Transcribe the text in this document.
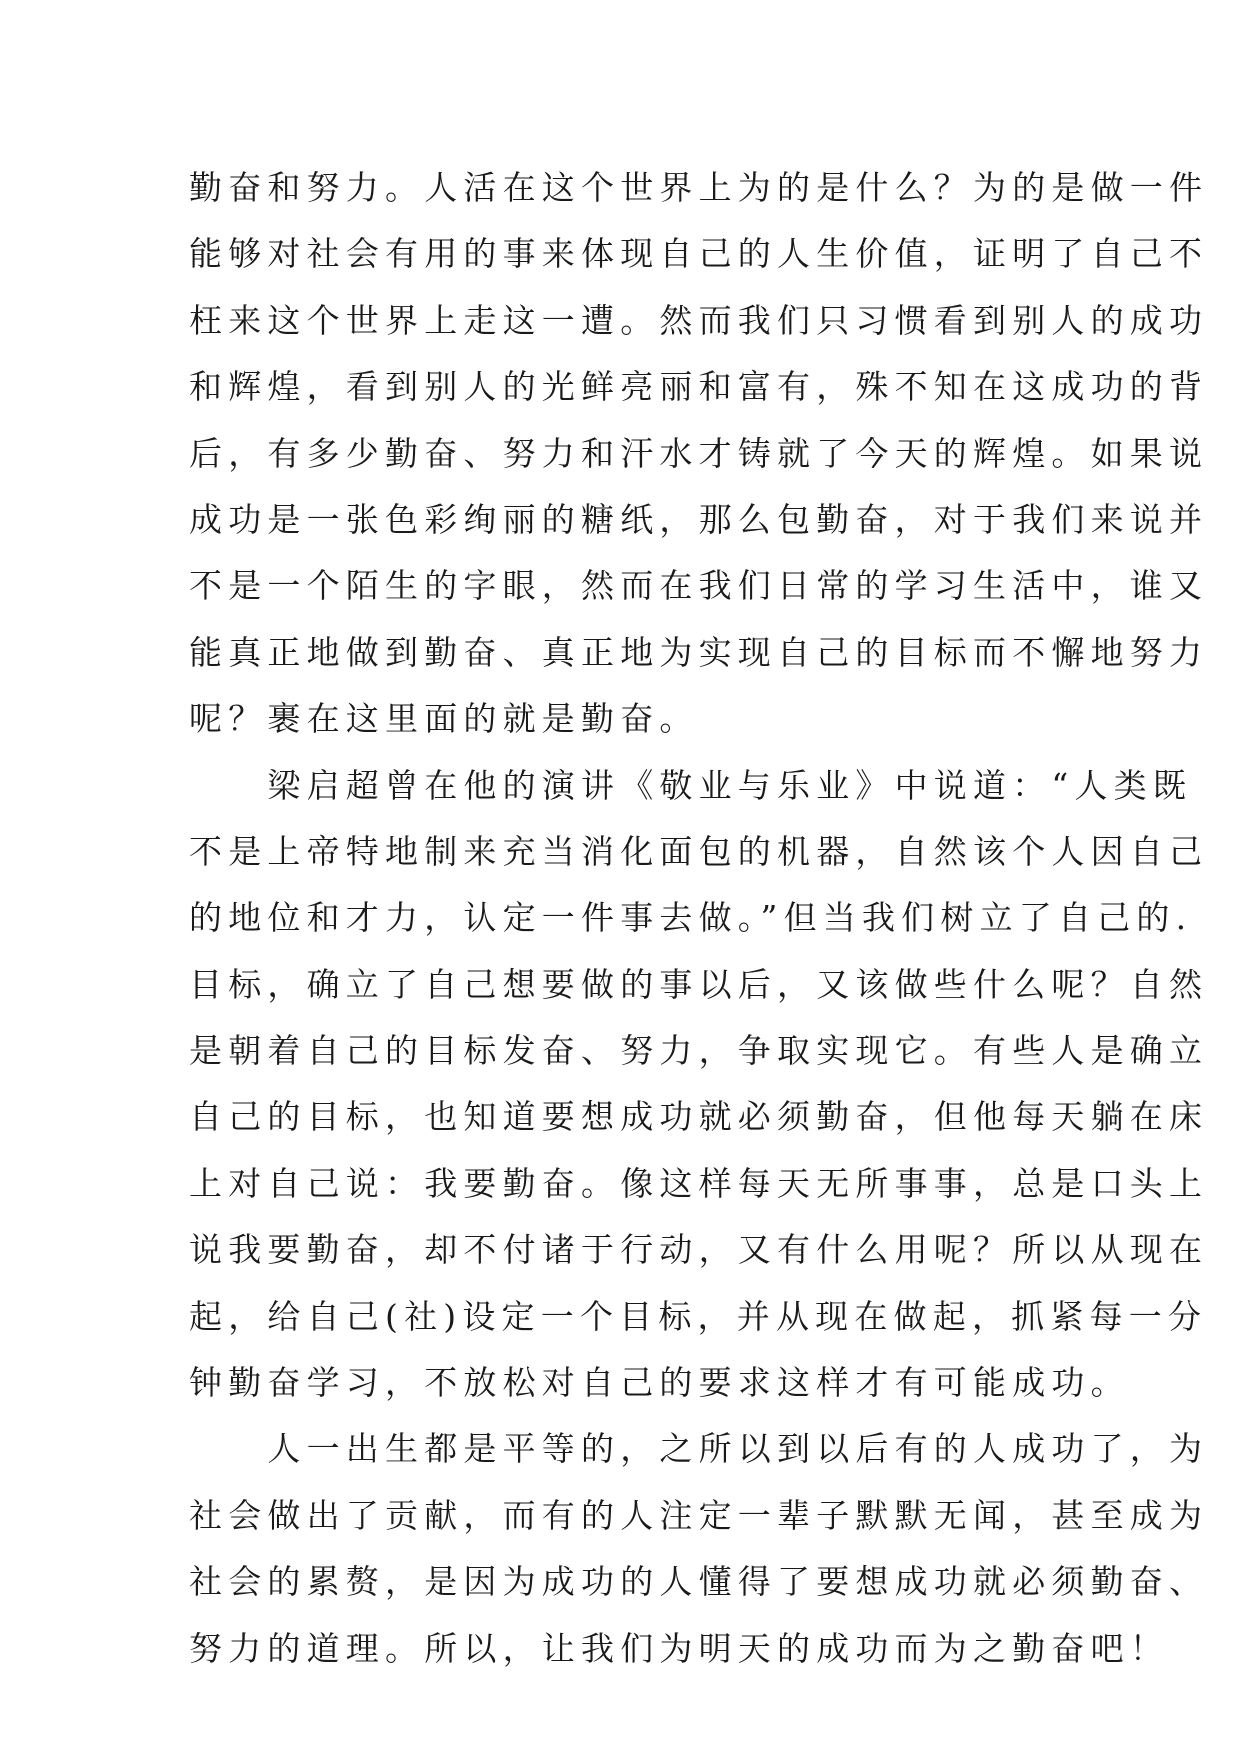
勤奋和努力。人活在这个世界上为的是什么？为的是做一件
能够对社会有用的事来体现自己的人生价值，证明了自己不
枉来这个世界上走这一遭。然而我们只习惯看到别人的成功
和辉煌，看到别人的光鲜亮丽和富有，殊不知在这成功的背
后，有多少勤奋、努力和汗水才铸就了今天的辉煌。如果说
成功是一张色彩绚丽的糖纸，那么包勤奋，对于我们来说并
不是一个陌生的字眼，然而在我们日常的学习生活中，谁又
能真正地做到勤奋、真正地为实现自己的目标而不懈地努力
呢？裹在这里面的就是勤奋。
　　梁启超曾在他的演讲《敬业与乐业》中说道：“人类既
不是上帝特地制来充当消化面包的机器，自然该个人因自己
的地位和才力，认定一件事去做。”但当我们树立了自己的.
目标，确立了自己想要做的事以后，又该做些什么呢？自然
是朝着自己的目标发奋、努力，争取实现它。有些人是确立
自己的目标，也知道要想成功就必须勤奋，但他每天躺在床
上对自己说：我要勤奋。像这样每天无所事事，总是口头上
说我要勤奋，却不付诸于行动，又有什么用呢？所以从现在
起，给自己(社)设定一个目标，并从现在做起，抓紧每一分
钟勤奋学习，不放松对自己的要求这样才有可能成功。
　　人一出生都是平等的，之所以到以后有的人成功了，为
社会做出了贡献，而有的人注定一辈子默默无闻，甚至成为
社会的累赘，是因为成功的人懂得了要想成功就必须勤奋、
努力的道理。所以，让我们为明天的成功而为之勤奋吧！
